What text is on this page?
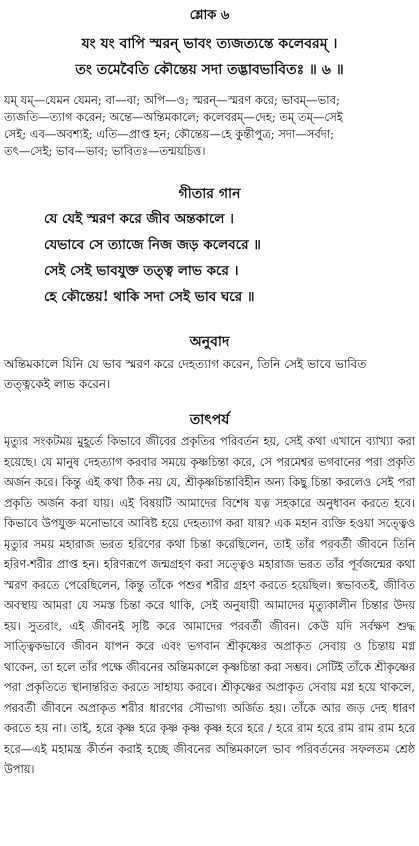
শ্লোক ৬
যং যং বাপি স্মরন্ ভাবং ত্যজত্যন্তে কলেবরম্ ।
তং তমেবৈতি কৌন্তেয় সদা তদ্ভাবভাবিতঃ ॥ ৬ ॥

যম্ যম্—যেমন যেমন; বা—বা; অপি—ও; স্মরন্—স্মরণ করে; ভাবম্—ভাব;

ত্যজতি—ত্যাগ করেন; অন্তে—অন্তিমকালে; কলেবরম্—দেহ; তম্ তম্—সেই

সেই; এব—অবশ্যই; এতি—প্রাপ্ত হন; কৌন্তেয়—হে কুন্তীপুত্র; সদা—সর্বদা;

তৎ—সেই; ভাব—ভাব; ভাবিতঃ—তন্ময়চিত্ত।

গীতার গান

যে যেই স্মরণ করে জীব অন্তকালে ।

যেভাবে সে ত্যাজে নিজ জড় কলেবরে ॥

সেই সেই ভাবযুক্ত তত্ত্ব লাভ করে ।

হে কৌন্তেয়! থাকি সদা সেই ভাব ঘরে ॥

অনুবাদ

অন্তিমকালে যিনি যে ভাব স্মরণ করে দেহত্যাগ করেন, তিনি সেই ভাবে ভাবিত তত্ত্বকেই লাভ করেন।

তাৎপর্য

মৃত্যুর সংকটময় মুহূর্তে কিভাবে জীবের প্রকৃতির পরিবর্তন হয়, সেই কথা এখানে ব্যাখ্যা করা হয়েছে। যে মানুষ দেহত্যাগ করবার সময়ে কৃষ্ণচিন্তা করে, সে পরমেশ্বর ভগবানের পরা প্রকৃতি অর্জন করে। কিন্তু এই কথা ঠিক নয় যে, শ্রীকৃষ্ণচিন্তাবিহীন অন্য কিছু চিন্তা করলেও সেই পরা প্রকৃতি অর্জন করা যায়। এই বিষয়টি আমাদের বিশেষ যত্ন সহকারে অনুধাবন করতে হবে। কিভাবে উপযুক্ত মনোভাবে আবিষ্ট হয়ে দেহত্যাগ করা যায়? এক মহান ব্যক্তি হওয়া সত্ত্বেও মৃত্যুর সময় মহারাজ ভরত হরিণের কথা চিন্তা করেছিলেন, তাই তাঁর পরবর্তী জীবনে তিনি হরিণ-শরীর প্রাপ্ত হন। হরিণরূপে জন্মগ্রহণ করা সত্ত্বেও মহারাজ ভরত তাঁর পূর্বজন্মের কথা স্মরণ করতে পেরেছিলেন, কিন্তু তাঁকে পশুর শরীর গ্রহণ করতে হয়েছিল। স্বভাবতই, জীবিত অবস্থায় আমরা যে সমস্ত চিন্তা করে থাকি, সেই অনুযায়ী আমাদের মৃত্যুকালীন চিন্তার উদয় হয়। সুতরাং, এই জীবনই সৃষ্টি করে আমাদের পরবর্তী জীবন। কেউ যদি সর্বক্ষণ শুদ্ধ সাত্ত্বিকভাবে জীবন যাপন করে এবং ভগবান শ্রীকৃষ্ণের অপ্রাকৃত সেবায় ও চিন্তায় মগ্ন থাকেন, তা হলে তাঁর পক্ষে জীবনের অন্তিমকালে কৃষ্ণচিন্তা করা সম্ভব। সেটিই তাঁকে শ্রীকৃষ্ণের পরা প্রকৃতিতে স্থানান্তরিত করতে সাহায্য করবে। শ্রীকৃষ্ণের অপ্রাকৃত সেবায় মগ্ন হয়ে থাকলে, পরবর্তী জীবনে অপ্রাকৃত শরীর ধারণের সৌভাগ্য অর্জিত হয়। তাঁকে আর জড় দেহ ধারণ করতে হয় না। তাই, হরে কৃষ্ণ হরে কৃষ্ণ কৃষ্ণ কৃষ্ণ হরে হরে / হরে রাম হরে রাম রাম রাম হরে হরে—এই মহামন্ত্র কীর্তন করাই হচ্ছে জীবনের অন্তিমকালে ভাব পরিবর্তনের সফলতম শ্রেষ্ঠ উপায়।
